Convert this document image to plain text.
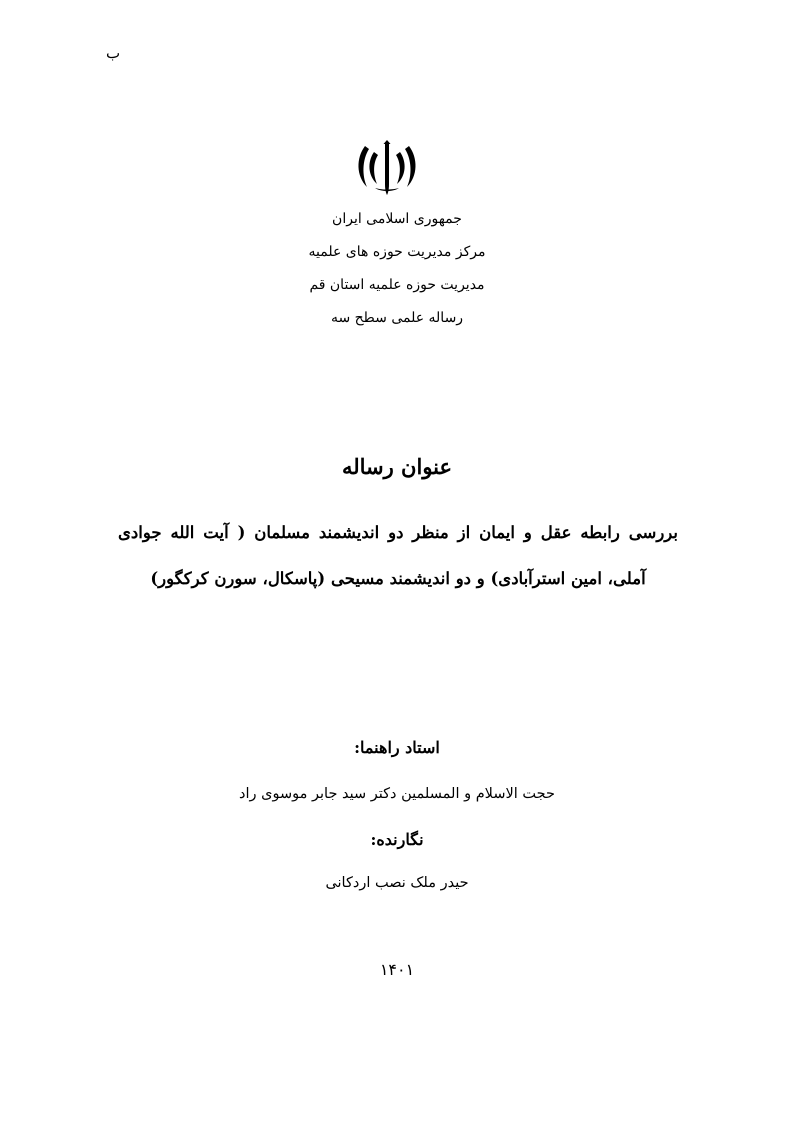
ب
جمهوری اسلامی ایران
مرکز مدیریت حوزه های علمیه
مدیریت حوزه علمیه استان قم
رساله علمی سطح سه
عنوان رساله
بررسی رابطه عقل و ایمان از منظر دو اندیشمند مسلمان ( آیت الله جوادی آملی، امین استرآبادی) و دو اندیشمند مسیحی (پاسکال، سورن کرکگور)
استاد راهنما:
حجت الاسلام و المسلمین دکتر سید جابر موسوی راد
نگارنده:
حیدر ملک نصب اردکانی
۱۴۰۱
